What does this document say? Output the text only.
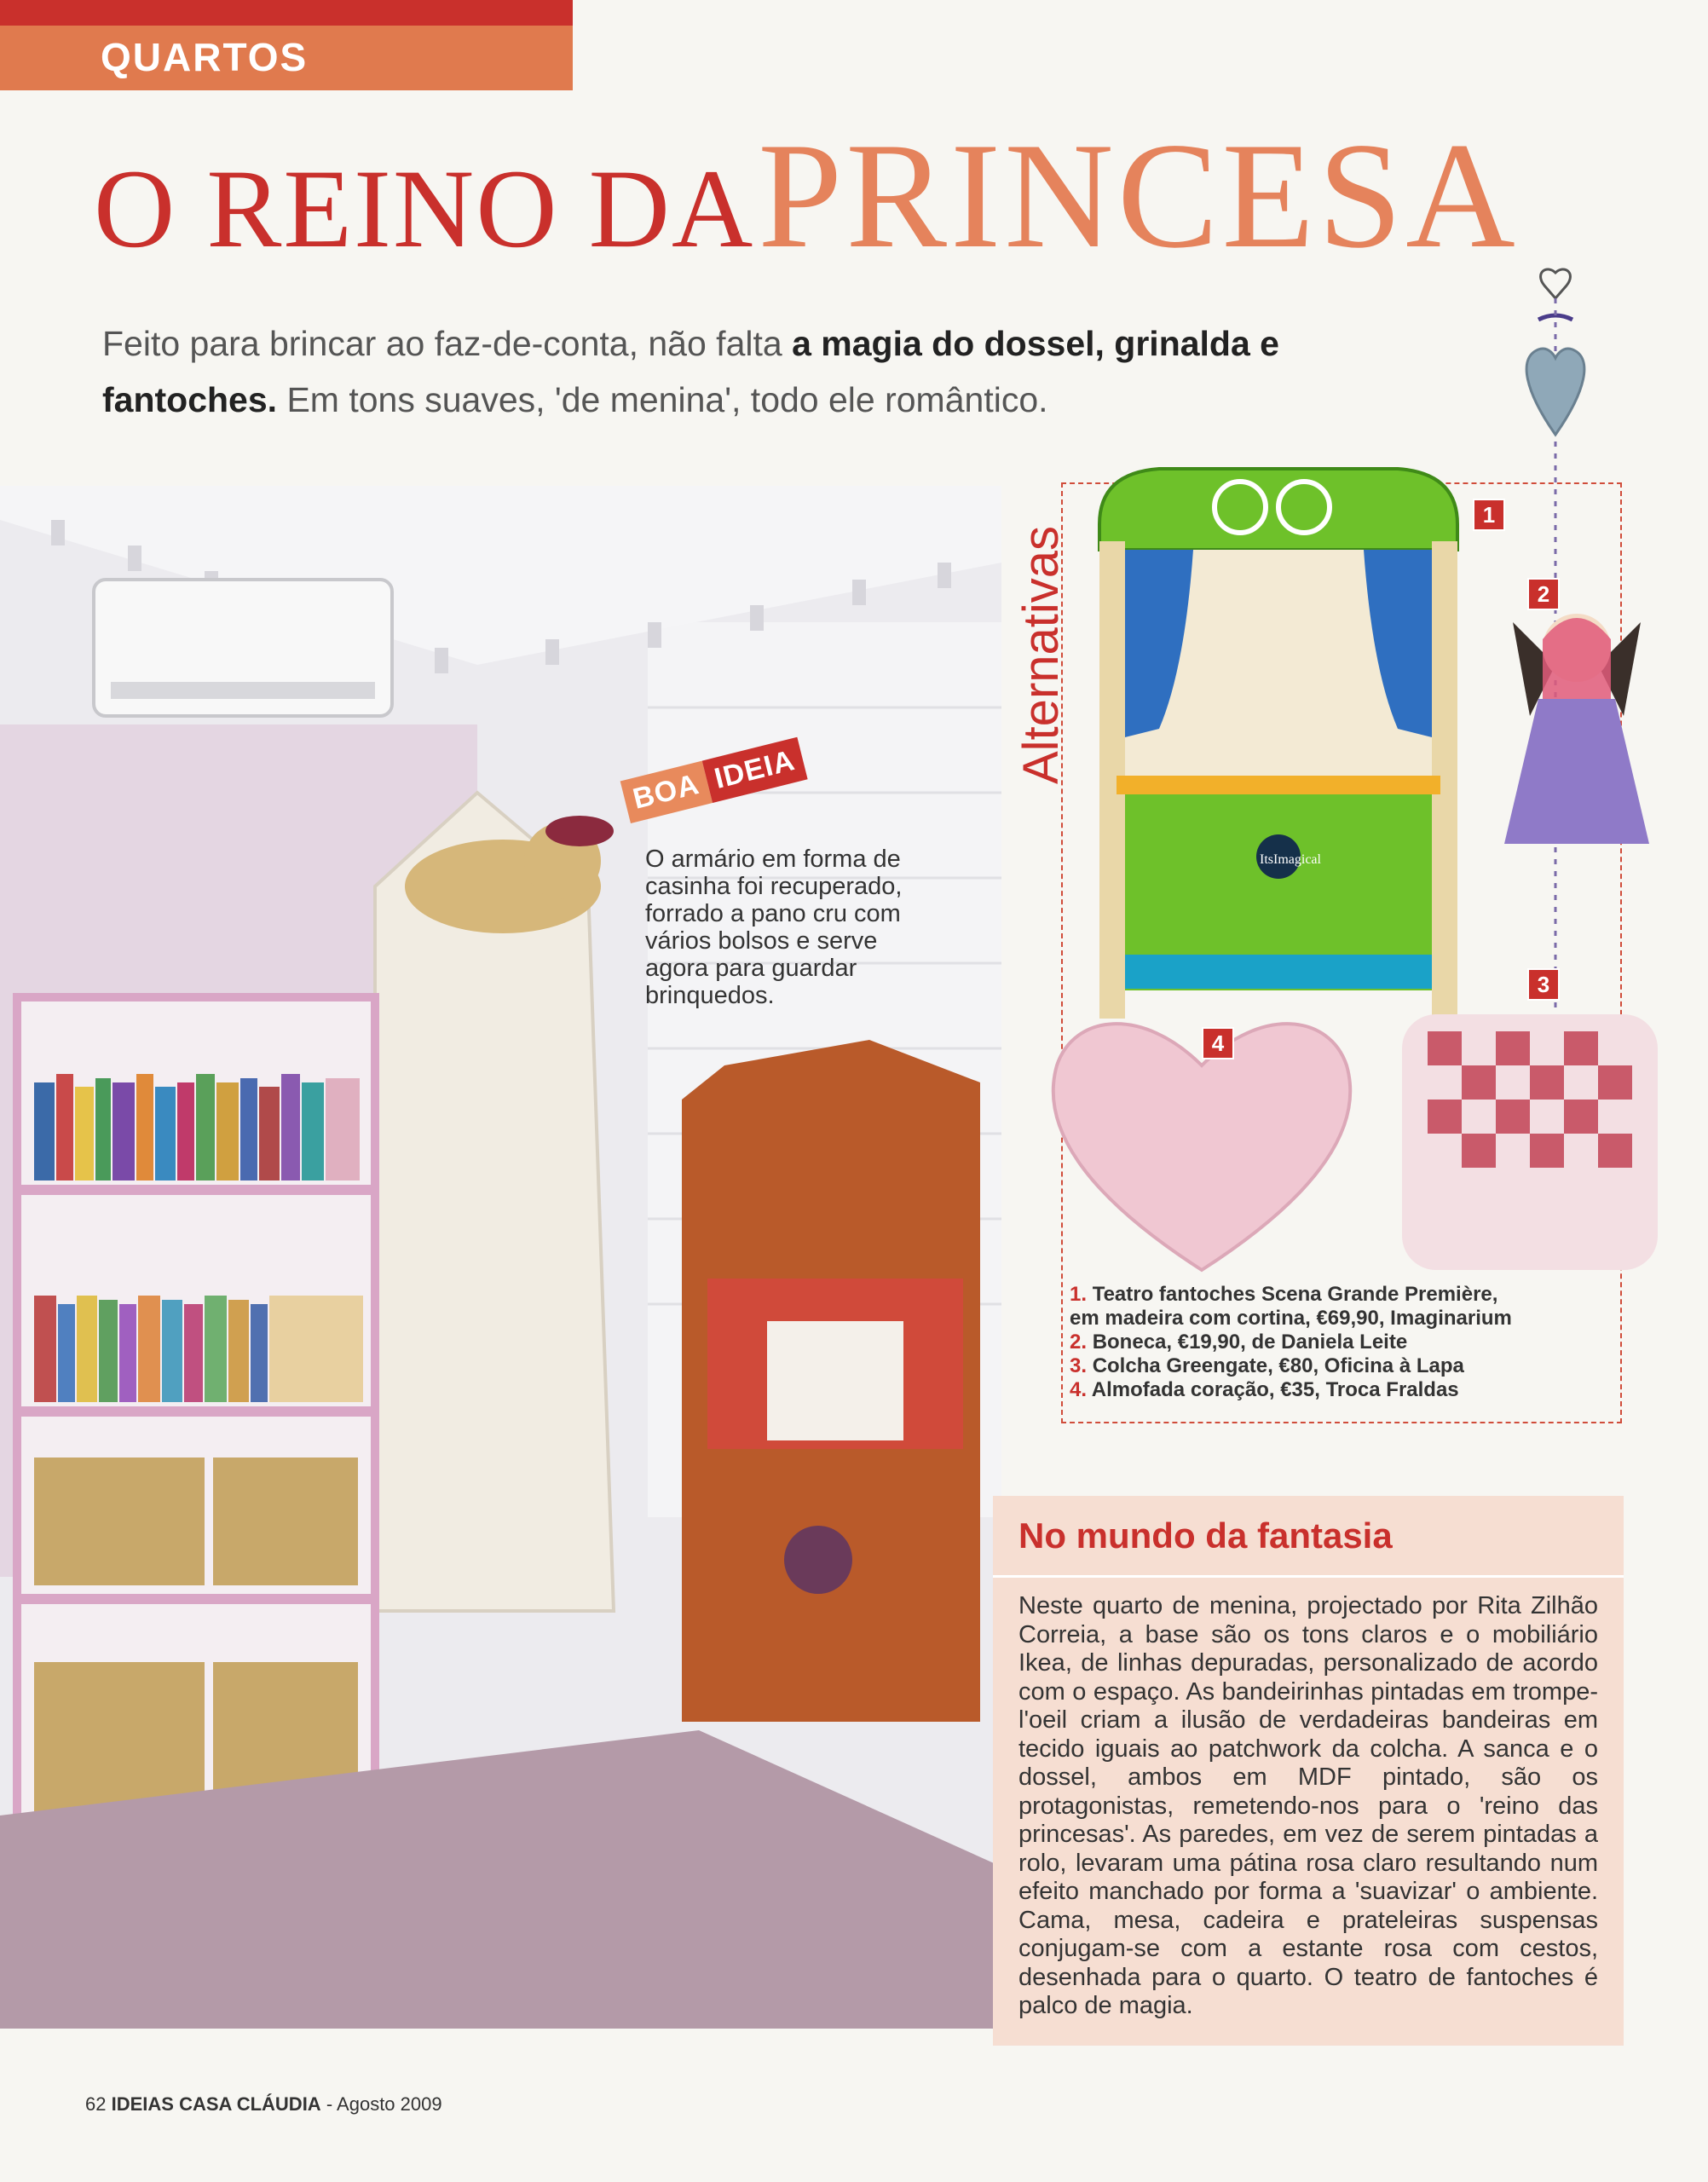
QUARTOS
O REINO DA PRINCESA
Feito para brincar ao faz-de-conta, não falta a magia do dossel, grinalda e fantoches. Em tons suaves, 'de menina', todo ele romântico.
BOA IDEIA
O armário em forma de casinha foi recuperado, forrado a pano cru com vários bolsos e serve agora para guardar brinquedos.
Alternativas
ItsImagical
1
2
3
4
1. Teatro fantoches Scena Grande Première,
em madeira com cortina, €69,90, Imaginarium
2. Boneca, €19,90, de Daniela Leite
3. Colcha Greengate, €80, Oficina à Lapa
4. Almofada coração, €35, Troca Fraldas
No mundo da fantasia
Neste quarto de menina, projectado por Rita Zilhão Correia, a base são os tons claros e o mobiliário Ikea, de linhas depuradas, personalizado de acordo com o espaço. As bandeirinhas pintadas em trompe-l'oeil criam a ilusão de verdadeiras bandeiras em tecido iguais ao patchwork da colcha. A sanca e o dossel, ambos em MDF pintado, são os protagonistas, remetendo-nos para o 'reino das princesas'. As paredes, em vez de serem pintadas a rolo, levaram uma pátina rosa claro resultando num efeito manchado por forma a 'suavizar' o ambiente. Cama, mesa, cadeira e prateleiras suspensas conjugam-se com a estante rosa com cestos, desenhada para o quarto. O teatro de fantoches é palco de magia.
62 IDEIAS CASA CLÁUDIA - Agosto 2009
